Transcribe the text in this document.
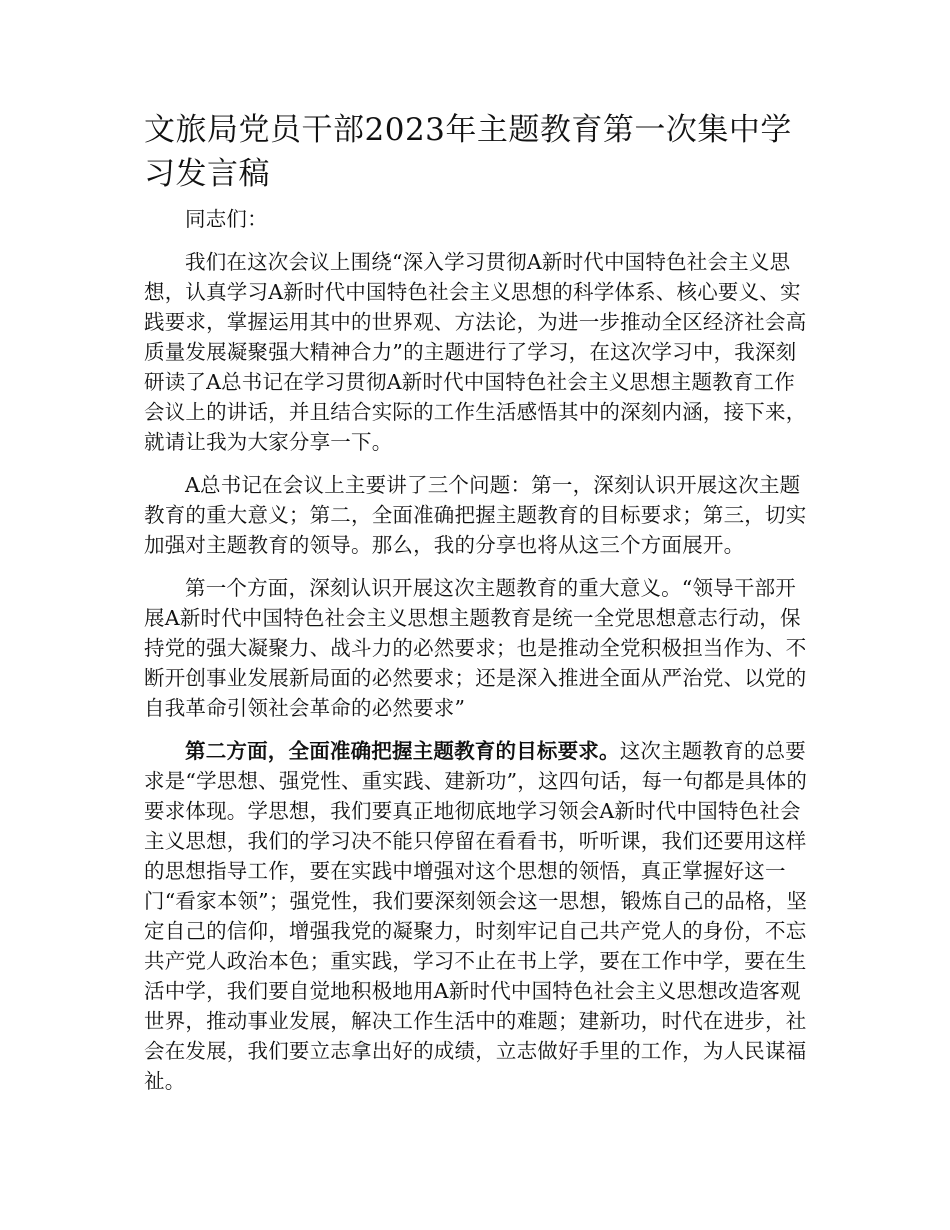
文旅局党员干部2023年主题教育第一次集中学习发言稿

同志们：

我们在这次会议上围绕“深入学习贯彻A新时代中国特色社会主义思想，认真学习A新时代中国特色社会主义思想的科学体系、核心要义、实践要求，掌握运用其中的世界观、方法论，为进一步推动全区经济社会高质量发展凝聚强大精神合力”的主题进行了学习，在这次学习中，我深刻研读了A总书记在学习贯彻A新时代中国特色社会主义思想主题教育工作会议上的讲话，并且结合实际的工作生活感悟其中的深刻内涵，接下来，就请让我为大家分享一下。

A总书记在会议上主要讲了三个问题：第一，深刻认识开展这次主题教育的重大意义；第二，全面准确把握主题教育的目标要求；第三，切实加强对主题教育的领导。那么，我的分享也将从这三个方面展开。

第一个方面，深刻认识开展这次主题教育的重大意义。“领导干部开展A新时代中国特色社会主义思想主题教育是统一全党思想意志行动，保持党的强大凝聚力、战斗力的必然要求；也是推动全党积极担当作为、不断开创事业发展新局面的必然要求；还是深入推进全面从严治党、以党的自我革命引领社会革命的必然要求”

第二方面，全面准确把握主题教育的目标要求。这次主题教育的总要求是“学思想、强党性、重实践、建新功”，这四句话，每一句都是具体的要求体现。学思想，我们要真正地彻底地学习领会A新时代中国特色社会主义思想，我们的学习决不能只停留在看看书，听听课，我们还要用这样的思想指导工作，要在实践中增强对这个思想的领悟，真正掌握好这一门“看家本领”；强党性，我们要深刻领会这一思想，锻炼自己的品格，坚定自己的信仰，增强我党的凝聚力，时刻牢记自己共产党人的身份，不忘共产党人政治本色；重实践，学习不止在书上学，要在工作中学，要在生活中学，我们要自觉地积极地用A新时代中国特色社会主义思想改造客观世界，推动事业发展，解决工作生活中的难题；建新功，时代在进步，社会在发展，我们要立志拿出好的成绩，立志做好手里的工作，为人民谋福祉。
